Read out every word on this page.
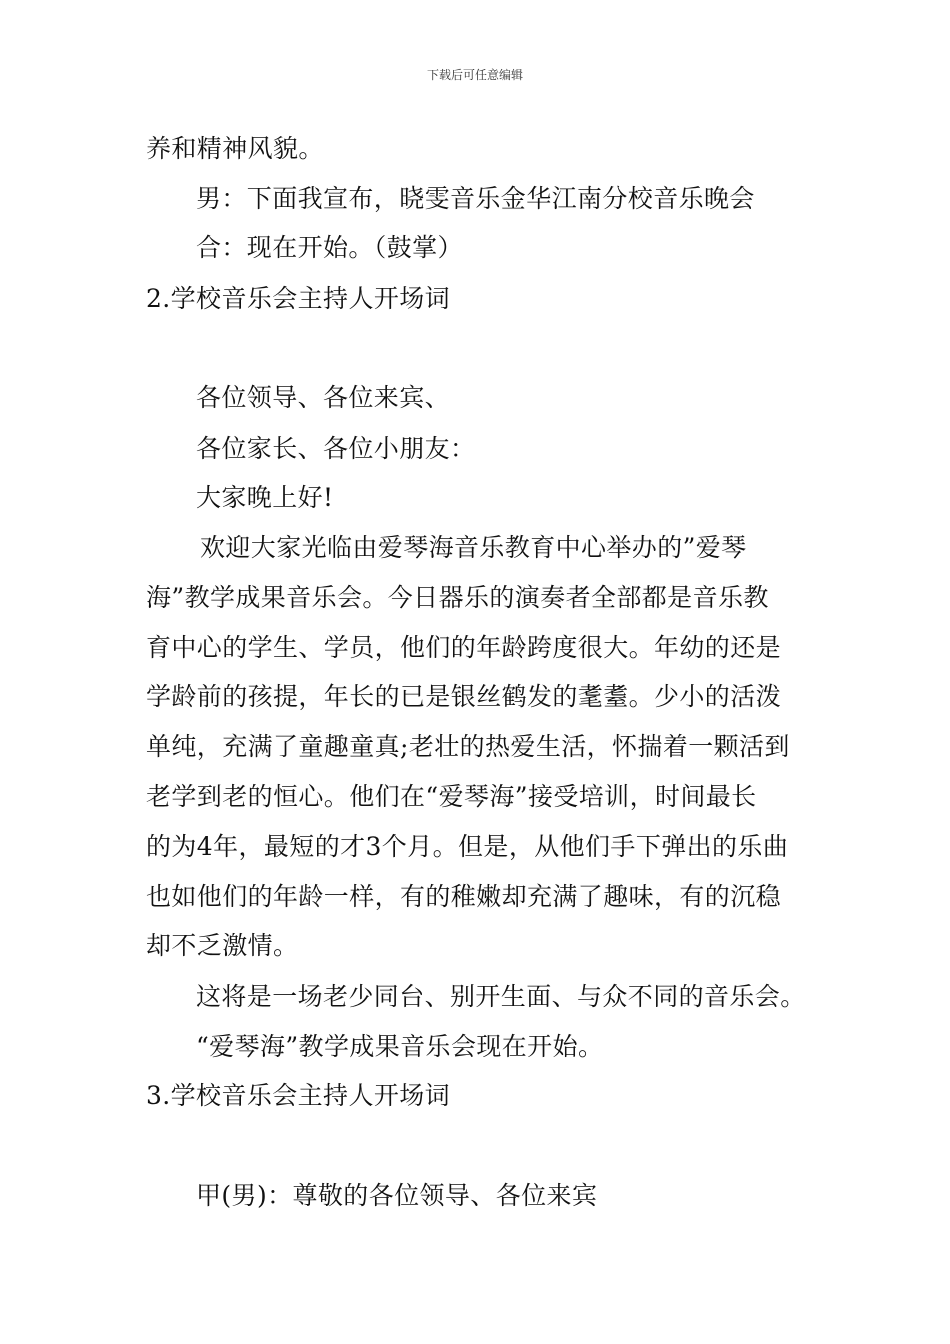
下载后可任意编辑
养和精神风貌。
男：下面我宣布，晓雯音乐金华江南分校音乐晚会
合：现在开始。（鼓掌）
2.学校音乐会主持人开场词
各位领导、各位来宾、
各位家长、各位小朋友：
大家晚上好!
欢迎大家光临由爱琴海音乐教育中心举办的”爱琴
海”教学成果音乐会。今日器乐的演奏者全部都是音乐教
育中心的学生、学员，他们的年龄跨度很大。年幼的还是
学龄前的孩提，年长的已是银丝鹤发的耄耋。少小的活泼
单纯，充满了童趣童真;老壮的热爱生活，怀揣着一颗活到
老学到老的恒心。他们在“爱琴海”接受培训，时间最长
的为4年，最短的才3个月。但是，从他们手下弹出的乐曲
也如他们的年龄一样，有的稚嫩却充满了趣味，有的沉稳
却不乏激情。
这将是一场老少同台、别开生面、与众不同的音乐会。
“爱琴海”教学成果音乐会现在开始。
3.学校音乐会主持人开场词
甲(男)：尊敬的各位领导、各位来宾
